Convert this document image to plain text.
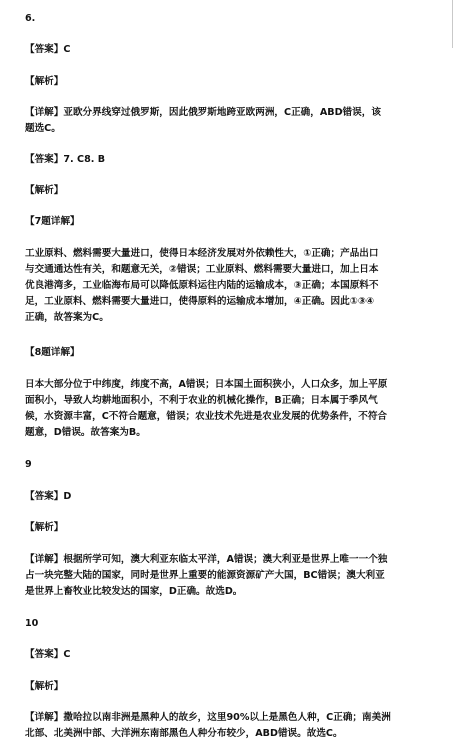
6.
【答案】C
【解析】
【详解】亚欧分界线穿过俄罗斯，因此俄罗斯地跨亚欧两洲，C正确，ABD错误，该
题选C。
【答案】7. C8. B
【解析】
【7题详解】
工业原料、燃料需要大量进口，使得日本经济发展对外依赖性大，①正确；产品出口
与交通通达性有关，和题意无关，②错误；工业原料、燃料需要大量进口，加上日本
优良港湾多，工业临海布局可以降低原料运往内陆的运输成本，③正确；本国原料不
足，工业原料、燃料需要大量进口，使得原料的运输成本增加，④正确。因此①③④
正确，故答案为C。
【8题详解】
日本大部分位于中纬度，纬度不高，A错误；日本国土面积狭小，人口众多，加上平原
面积小，导致人均耕地面积小，不利于农业的机械化操作，B正确；日本属于季风气
候，水资源丰富，C不符合题意，错误；农业技术先进是农业发展的优势条件，不符合
题意，D错误。故答案为B。
9
【答案】D
【解析】
【详解】根据所学可知，澳大利亚东临太平洋，A错误；澳大利亚是世界上唯一一个独
占一块完整大陆的国家，同时是世界上重要的能源资源矿产大国，BC错误；澳大利亚
是世界上畜牧业比较发达的国家，D正确。故选D。
10
【答案】C
【解析】
【详解】撒哈拉以南非洲是黑种人的故乡，这里90%以上是黑色人种，C正确；南美洲
北部、北美洲中部、大洋洲东南部黑色人种分布较少，ABD错误。故选C。
